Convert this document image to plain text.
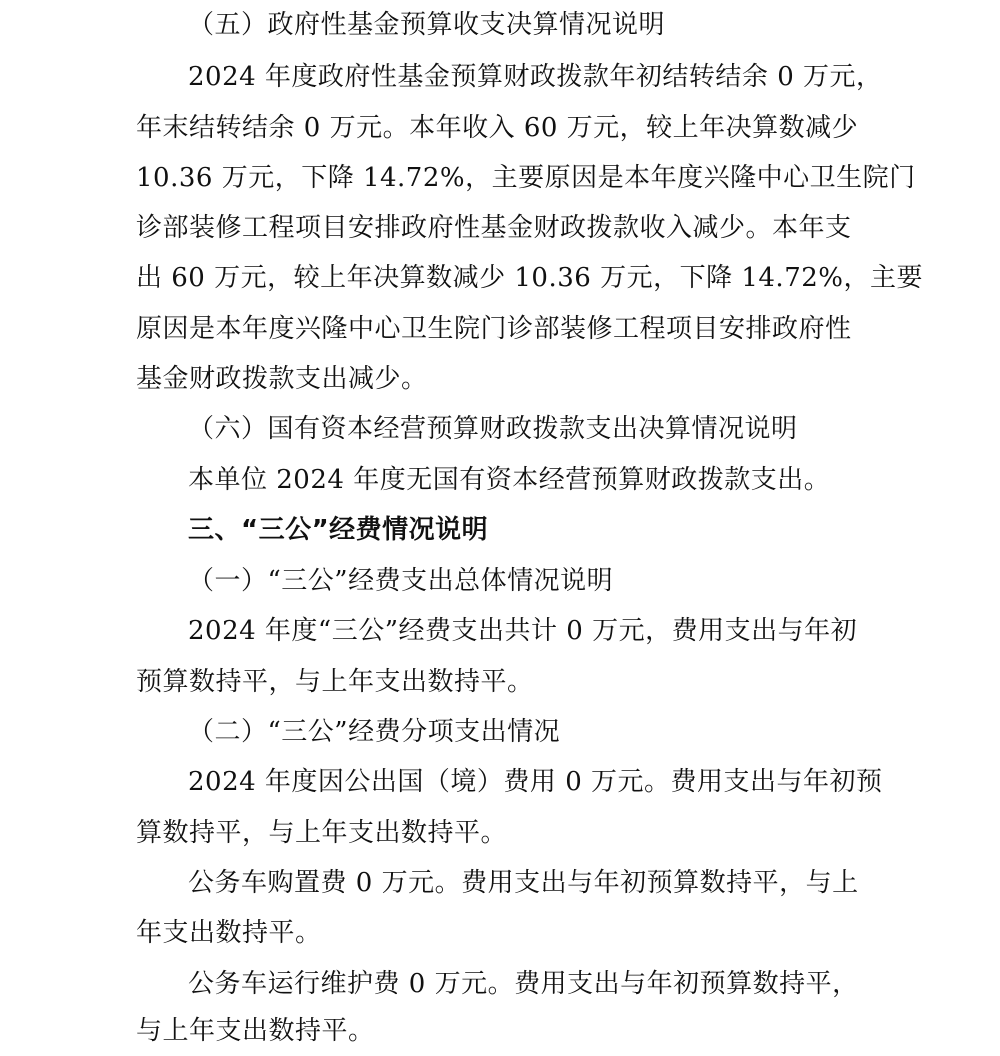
（五）政府性基金预算收支决算情况说明
2024 年度政府性基金预算财政拨款年初结转结余 0 万元，
年末结转结余 0 万元。本年收入 60 万元，较上年决算数减少
10.36 万元，下降 14.72%，主要原因是本年度兴隆中心卫生院门
诊部装修工程项目安排政府性基金财政拨款收入减少。本年支
出 60 万元，较上年决算数减少 10.36 万元，下降 14.72%，主要
原因是本年度兴隆中心卫生院门诊部装修工程项目安排政府性
基金财政拨款支出减少。
（六）国有资本经营预算财政拨款支出决算情况说明
本单位 2024 年度无国有资本经营预算财政拨款支出。
三、“三公”经费情况说明
（一）“三公”经费支出总体情况说明
2024 年度“三公”经费支出共计 0 万元，费用支出与年初
预算数持平，与上年支出数持平。
（二）“三公”经费分项支出情况
2024 年度因公出国（境）费用 0 万元。费用支出与年初预
算数持平，与上年支出数持平。
公务车购置费 0 万元。费用支出与年初预算数持平，与上
年支出数持平。
公务车运行维护费 0 万元。费用支出与年初预算数持平，
与上年支出数持平。
